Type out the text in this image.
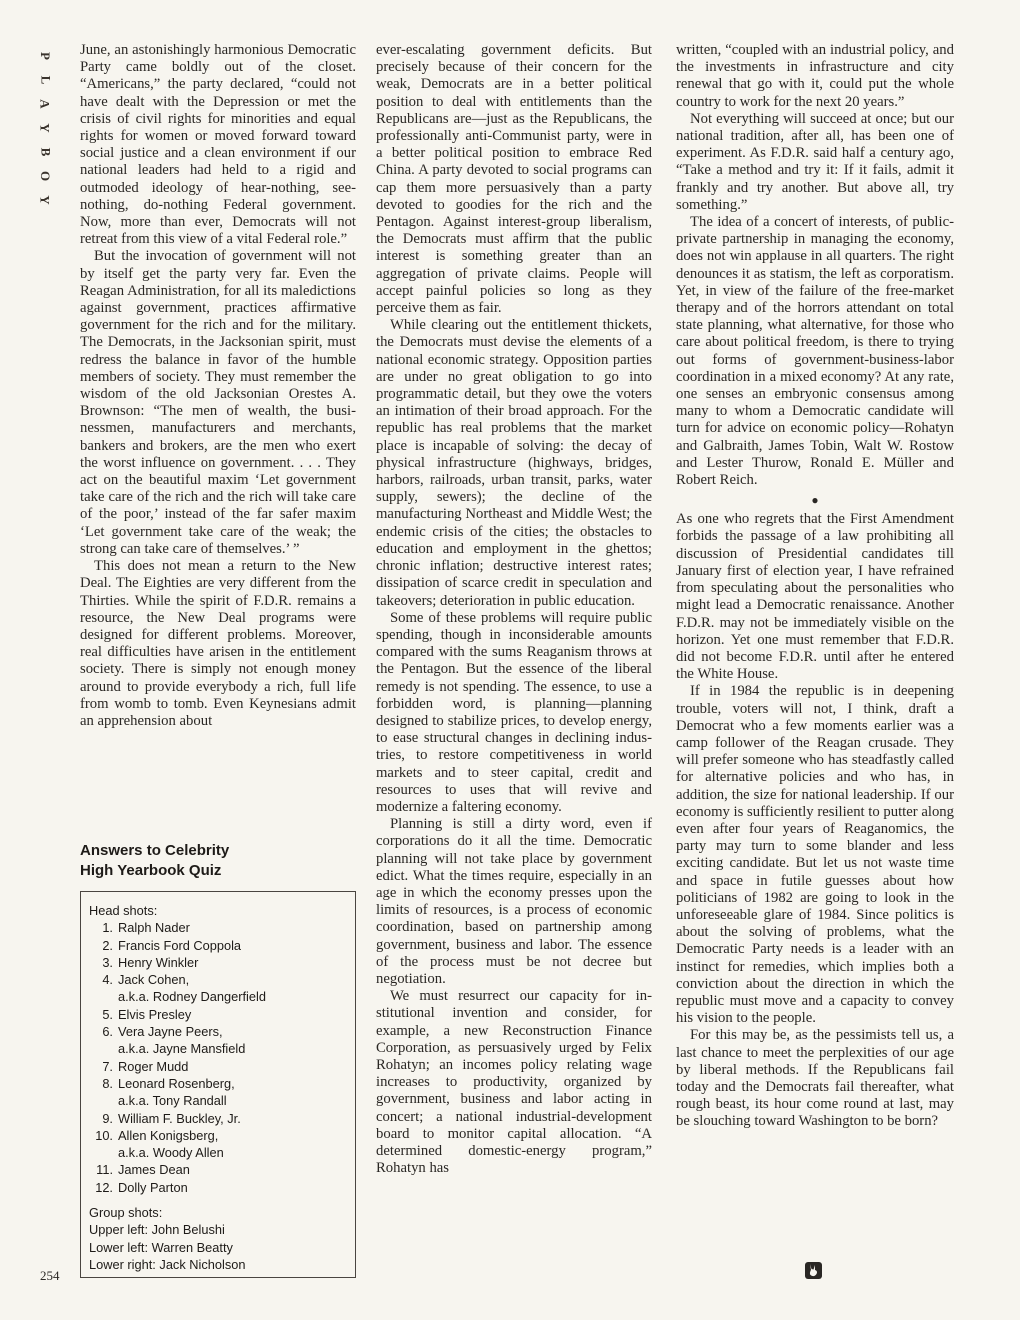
P
L
A
Y
B
O
Y

June, an astonishingly harmonious Democratic Party came boldly out of the closet. “Americans,” the party declared, “could not have dealt with the Depression or met the crisis of civil rights for minorities and equal rights for women or moved forward toward social justice and a clean environment if our national leaders had held to a rigid and outmoded ideology of hear-nothing, see-nothing, do-nothing Federal government. Now, more than ever, Democrats will not retreat from this view of a vital Federal role.”

But the invocation of government will not by itself get the party very far. Even the Reagan Administration, for all its maledictions against government, practices affirmative government for the rich and for the military. The Democrats, in the Jacksonian spirit, must redress the balance in favor of the humble members of society. They must remember the wisdom of the old Jacksonian Orestes A. Brownson: “The men of wealth, the businessmen, manufacturers and merchants, bankers and brokers, are the men who exert the worst influence on government. . . . They act on the beautiful maxim ‘Let government take care of the rich and the rich will take care of the poor,’ instead of the far safer maxim ‘Let government take care of the weak; the strong can take care of themselves.’ ”

This does not mean a return to the New Deal. The Eighties are very different from the Thirties. While the spirit of F.D.R. remains a resource, the New Deal programs were designed for different problems. Moreover, real difficulties have arisen in the entitlement society. There is simply not enough money around to provide everybody a rich, full life from womb to tomb. Even Keynesians admit an apprehension about

Answers to Celebrity
High Yearbook Quiz

Head shots:

1. Ralph Nader
2. Francis Ford Coppola
3. Henry Winkler
4. Jack Cohen,
a.k.a. Rodney Dangerfield
5. Elvis Presley
6. Vera Jayne Peers,
a.k.a. Jayne Mansfield
7. Roger Mudd
8. Leonard Rosenberg,
a.k.a. Tony Randall
9. William F. Buckley, Jr.
10. Allen Konigsberg,
a.k.a. Woody Allen
11. James Dean
12. Dolly Parton

Group shots:

Upper left: John Belushi
Lower left: Warren Beatty
Lower right: Jack Nicholson

ever-escalating government deficits. But precisely because of their concern for the weak, Democrats are in a better political position to deal with entitlements than the Republicans are—just as the Republicans, the professionally anti-Communist party, were in a better political position to embrace Red China. A party devoted to social programs can cap them more persuasively than a party devoted to goodies for the rich and the Pentagon. Against interest-group liberalism, the Democrats must affirm that the public interest is something greater than an aggregation of private claims. People will accept painful policies so long as they perceive them as fair.

While clearing out the entitlement thickets, the Democrats must devise the elements of a national economic strategy. Opposition parties are under no great obligation to go into programmatic detail, but they owe the voters an intimation of their broad approach. For the republic has real problems that the market place is incapable of solving: the decay of physical infrastructure (highways, bridges, harbors, railroads, urban transit, parks, water supply, sewers); the decline of the manufacturing Northeast and Middle West; the endemic crisis of the cities; the obstacles to education and employment in the ghettos; chronic inflation; destructive interest rates; dissipation of scarce credit in speculation and takeovers; deterioration in public education.

Some of these problems will require public spending, though in inconsiderable amounts compared with the sums Reaganism throws at the Pentagon. But the essence of the liberal remedy is not spending. The essence, to use a forbidden word, is planning—planning designed to stabilize prices, to develop energy, to ease structural changes in declining industries, to restore competitiveness in world markets and to steer capital, credit and resources to uses that will revive and modernize a faltering economy.

Planning is still a dirty word, even if corporations do it all the time. Democratic planning will not take place by government edict. What the times require, especially in an age in which the economy presses upon the limits of resources, is a process of economic coordination, based on partnership among government, business and labor. The essence of the process must be not decree but negotiation.

We must resurrect our capacity for institutional invention and consider, for example, a new Reconstruction Finance Corporation, as persuasively urged by Felix Rohatyn; an incomes policy relating wage increases to productivity, organized by government, business and labor acting in concert; a national industrial-development board to monitor capital allocation. “A determined domestic-energy program,” Rohatyn has

written, “coupled with an industrial policy, and the investments in infrastructure and city renewal that go with it, could put the whole country to work for the next 20 years.”

Not everything will succeed at once; but our national tradition, after all, has been one of experiment. As F.D.R. said half a century ago, “Take a method and try it: If it fails, admit it frankly and try another. But above all, try something.”

The idea of a concert of interests, of public-private partnership in managing the economy, does not win applause in all quarters. The right denounces it as statism, the left as corporatism. Yet, in view of the failure of the free-market therapy and of the horrors attendant on total state planning, what alternative, for those who care about political freedom, is there to trying out forms of government-business-labor coordination in a mixed economy? At any rate, one senses an embryonic consensus among many to whom a Democratic candidate will turn for advice on economic policy—Rohatyn and Galbraith, James Tobin, Walt W. Rostow and Lester Thurow, Ronald E. Müller and Robert Reich.

●

As one who regrets that the First Amendment forbids the passage of a law prohibiting all discussion of Presidential candidates till January first of election year, I have refrained from speculating about the personalities who might lead a Democratic renaissance. Another F.D.R. may not be immediately visible on the horizon. Yet one must remember that F.D.R. did not become F.D.R. until after he entered the White House.

If in 1984 the republic is in deepening trouble, voters will not, I think, draft a Democrat who a few moments earlier was a camp follower of the Reagan crusade. They will prefer someone who has steadfastly called for alternative policies and who has, in addition, the size for national leadership. If our economy is sufficiently resilient to putter along even after four years of Reaganomics, the party may turn to some blander and less exciting candidate. But let us not waste time and space in futile guesses about how politicians of 1982 are going to look in the unforeseeable glare of 1984. Since politics is about the solving of problems, what the Democratic Party needs is a leader with an instinct for remedies, which implies both a conviction about the direction in which the republic must move and a capacity to convey his vision to the people.

For this may be, as the pessimists tell us, a last chance to meet the perplexities of our age by liberal methods. If the Republicans fail today and the Democrats fail thereafter, what rough beast, its hour come round at last, may be slouching toward Washington to be born?

254
